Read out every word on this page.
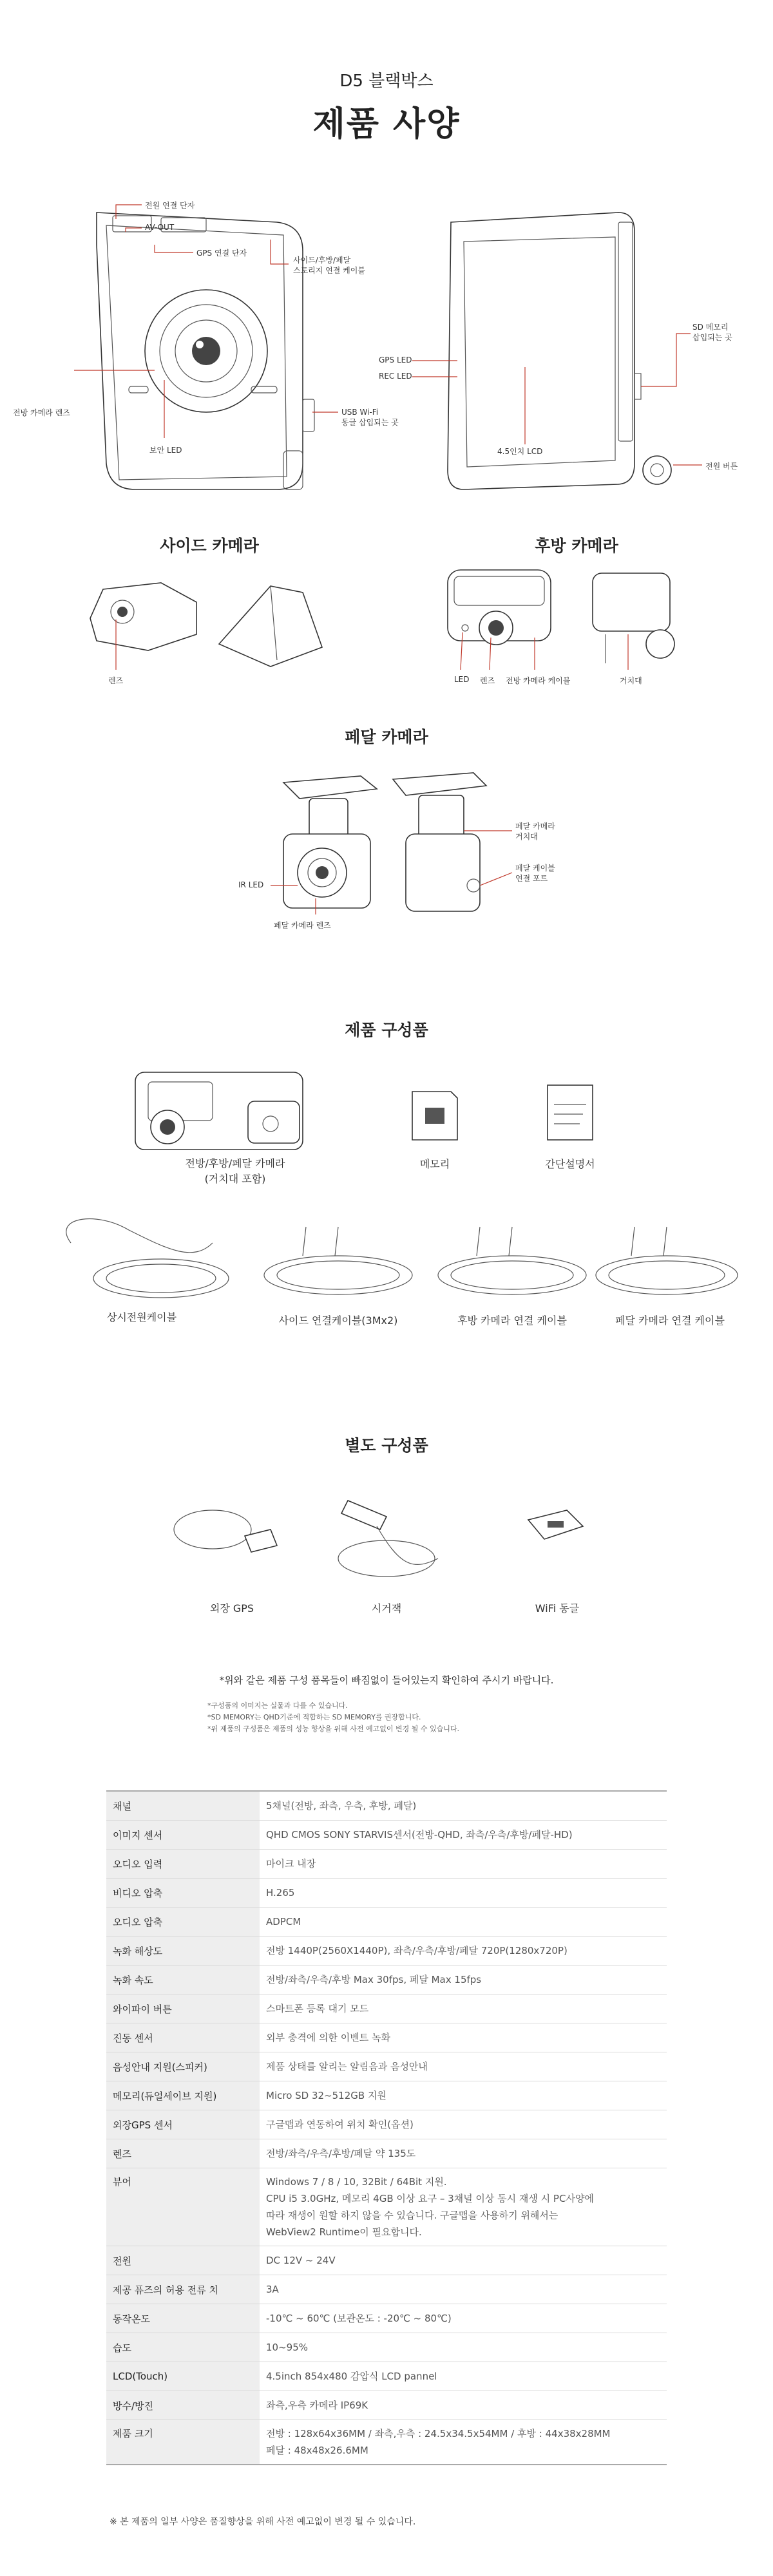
D5 블랙박스
제품 사양
전원 연결 단자
AV-OUT
GPS 연결 단자
사이드/후방/페달
스토리지 연결 케이블
전방 카메라 렌즈	USB Wi-Fi
동글 삽입되는 곳
보안 LED
SD 메모리
삽입되는 곳
GPS LED
REC LED
4.5인치 LCD
전원 버튼
사이드 카메라	후방 카메라
렌즈	LED 렌즈 전방 카메라 케이블	거치대
페달 카메라
IR LED
페달 카메라 렌즈
페달 카메라
거치대
페달 케이블
연결 포트
제품 구성품
전방/후방/페달 카메라
(거치대 포함)
메모리	간단설명서
상시전원케이블	사이드 연결케이블(3Mx2)	후방 카메라 연결 케이블	페달 카메라 연결 케이블
별도 구성품
외장 GPS	시거잭	WiFi 동글
*위와 같은 제품 구성 품목들이 빠짐없이 들어있는지 확인하여 주시기 바랍니다.
*구성품의 이미지는 실물과 다를 수 있습니다.
*SD MEMORY는 QHD기준에 적합하는 SD MEMORY를 권장합니다.
*위 제품의 구성품은 제품의 성능 향상을 위해 사전 예고없이 변경 될 수 있습니다.
채널	5채널(전방, 좌측, 우측, 후방, 페달)

이미지 센서	QHD CMOS SONY STARVIS센서(전방-QHD, 좌측/우측/후방/페달-HD)

오디오 입력	마이크 내장

비디오 압축	H.265

오디오 압축	ADPCM

녹화 해상도	전방 1440P(2560X1440P), 좌측/우측/후방/페달 720P(1280x720P)

녹화 속도	전방/좌측/우측/후방 Max 30fps, 페달 Max 15fps

와이파이 버튼	스마트폰 등록 대기 모드

진동 센서	외부 충격에 의한 이벤트 녹화

음성안내 지원(스피커)	제품 상태를 알리는 알림음과 음성안내

메모리(듀얼세이브 지원)	Micro SD 32~512GB 지원

외장GPS 센서	구글맵과 연동하여 위치 확인(옵션)

렌즈	전방/좌측/우측/후방/페달 약 135도

뷰어	Windows 7 / 8 / 10, 32Bit / 64Bit 지원.
CPU i5 3.0GHz, 메모리 4GB 이상 요구 – 3채널 이상 동시 재생 시 PC사양에
따라 재생이 원할 하지 않을 수 있습니다. 구글맵을 사용하기 위해서는
WebView2 Runtime이 필요합니다.

전원	DC 12V ~ 24V

제공 퓨즈의 허용 전류 치	3A

동작온도	-10℃ ~ 60℃ (보관온도 : -20℃ ~ 80℃)

습도	10~95%

LCD(Touch)	4.5inch 854x480 감압식 LCD pannel

방수/방진	좌측,우측 카메라 IP69K

제품 크기	전방 : 128x64x36MM / 좌측,우측 : 24.5x34.5x54MM / 후방 : 44x38x28MM
페달 : 48x48x26.6MM
※ 본 제품의 일부 사양은 품질향상을 위해 사전 예고없이 변경 될 수 있습니다.
